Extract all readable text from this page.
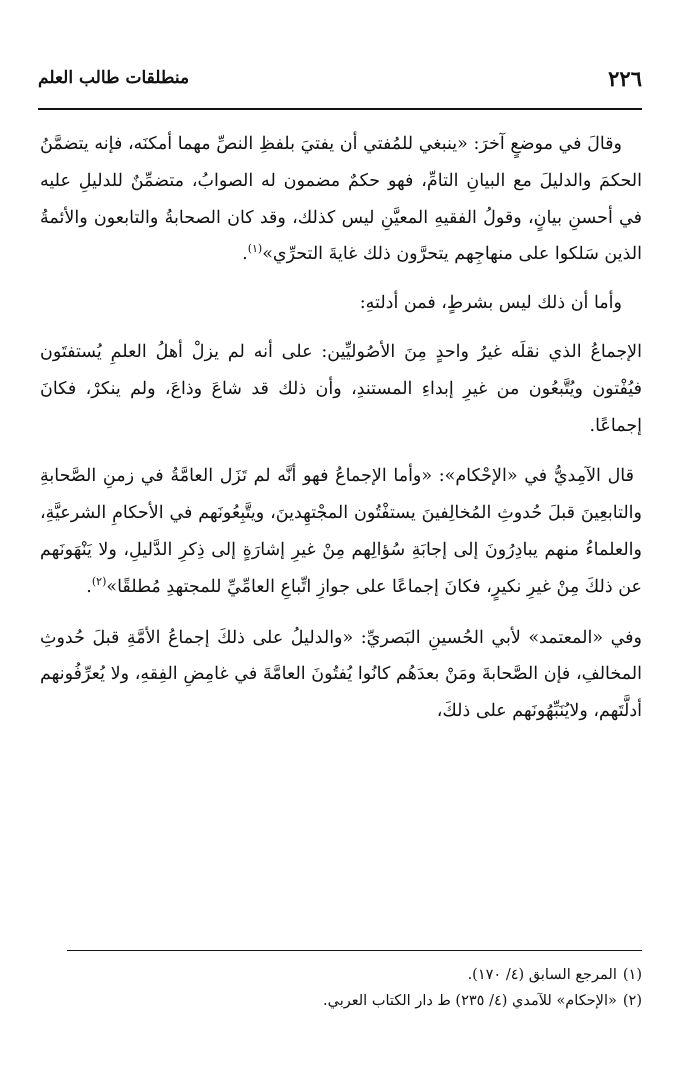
٢٢٦
منطلقات طالب العلم

وقالَ في موضعٍ آخرَ: «ينبغي للمُفتي أن يفتيَ بلفظِ النصِّ مهما أمكنَه، فإنه يتضمَّنُ الحكمَ والدليلَ مع البيانِ التامِّ، فهو حكمٌ مضمون له الصوابُ، متضمِّنٌ للدليلِ عليه في أحسنِ بيانٍ، وقولُ الفقيهِ المعيَّنِ ليس كذلك، وقد كان الصحابةُ والتابعون والأئمةُ الذين سَلكوا على منهاجِهم يتحرَّون ذلك غايةَ التحرِّي»$^{(١)}$.

وأما أن ذلك ليس بشرطٍ، فمن أدلتهِ:

الإجماعُ الذي نقلَه غيرُ واحدٍ مِنَ الأصُوليِّين: على أنه لم يزلْ أهلُ العلمِ يُستفتَون فيُفْتون ويُتَّبعُون من غيرِ إبداءِ المستندِ، وأن ذلك قد شاعَ وذاعَ، ولم ينكرْ، فكانَ إجماعًا.

قال الآمِديُّ في «الإحْكام»: «وأما الإجماعُ فهو أنَّه لم تَزَل العامَّةُ في زمنِ الصَّحابةِ والتابعِينَ قبلَ حُدوثِ المُخالِفينَ يستفْتُون المجْتهِدينَ، ويتَّبِعُونَهم في الأحكامِ الشرعيَّةِ، والعلماءُ منهم يبادِرُونَ إلى إجابَةِ سُؤالِهم مِنْ غيرِ إشارَةٍ إلى ذِكرِ الدَّليلِ، ولا يَنْهَونَهم عن ذلكَ مِنْ غيرِ نكيرٍ، فكانَ إجماعًا على جوازِ اتِّباعِ العامِّيِّ للمجتهدِ مُطلقًا»$^{(٢)}$.

وفي «المعتمد» لأبي الحُسينِ البَصريِّ: «والدليلُ على ذلكَ إجماعُ الأمَّةِ قبلَ حُدوثِ المخالفِ، فإن الصَّحابةَ ومَنْ بعدَهُم كانُوا يُفتُونَ العامَّةَ في غامِضِ الفِقهِ، ولا يُعرِّفُونهم أدلَّتَهم، ولايُنَبِّهُونَهم على ذلكَ،

(١)المرجع السابق (٤/ ١٧٠).
(٢)«الإحكام» للآمدي (٤/ ٢٣٥) ط دار الكتاب العربي.
